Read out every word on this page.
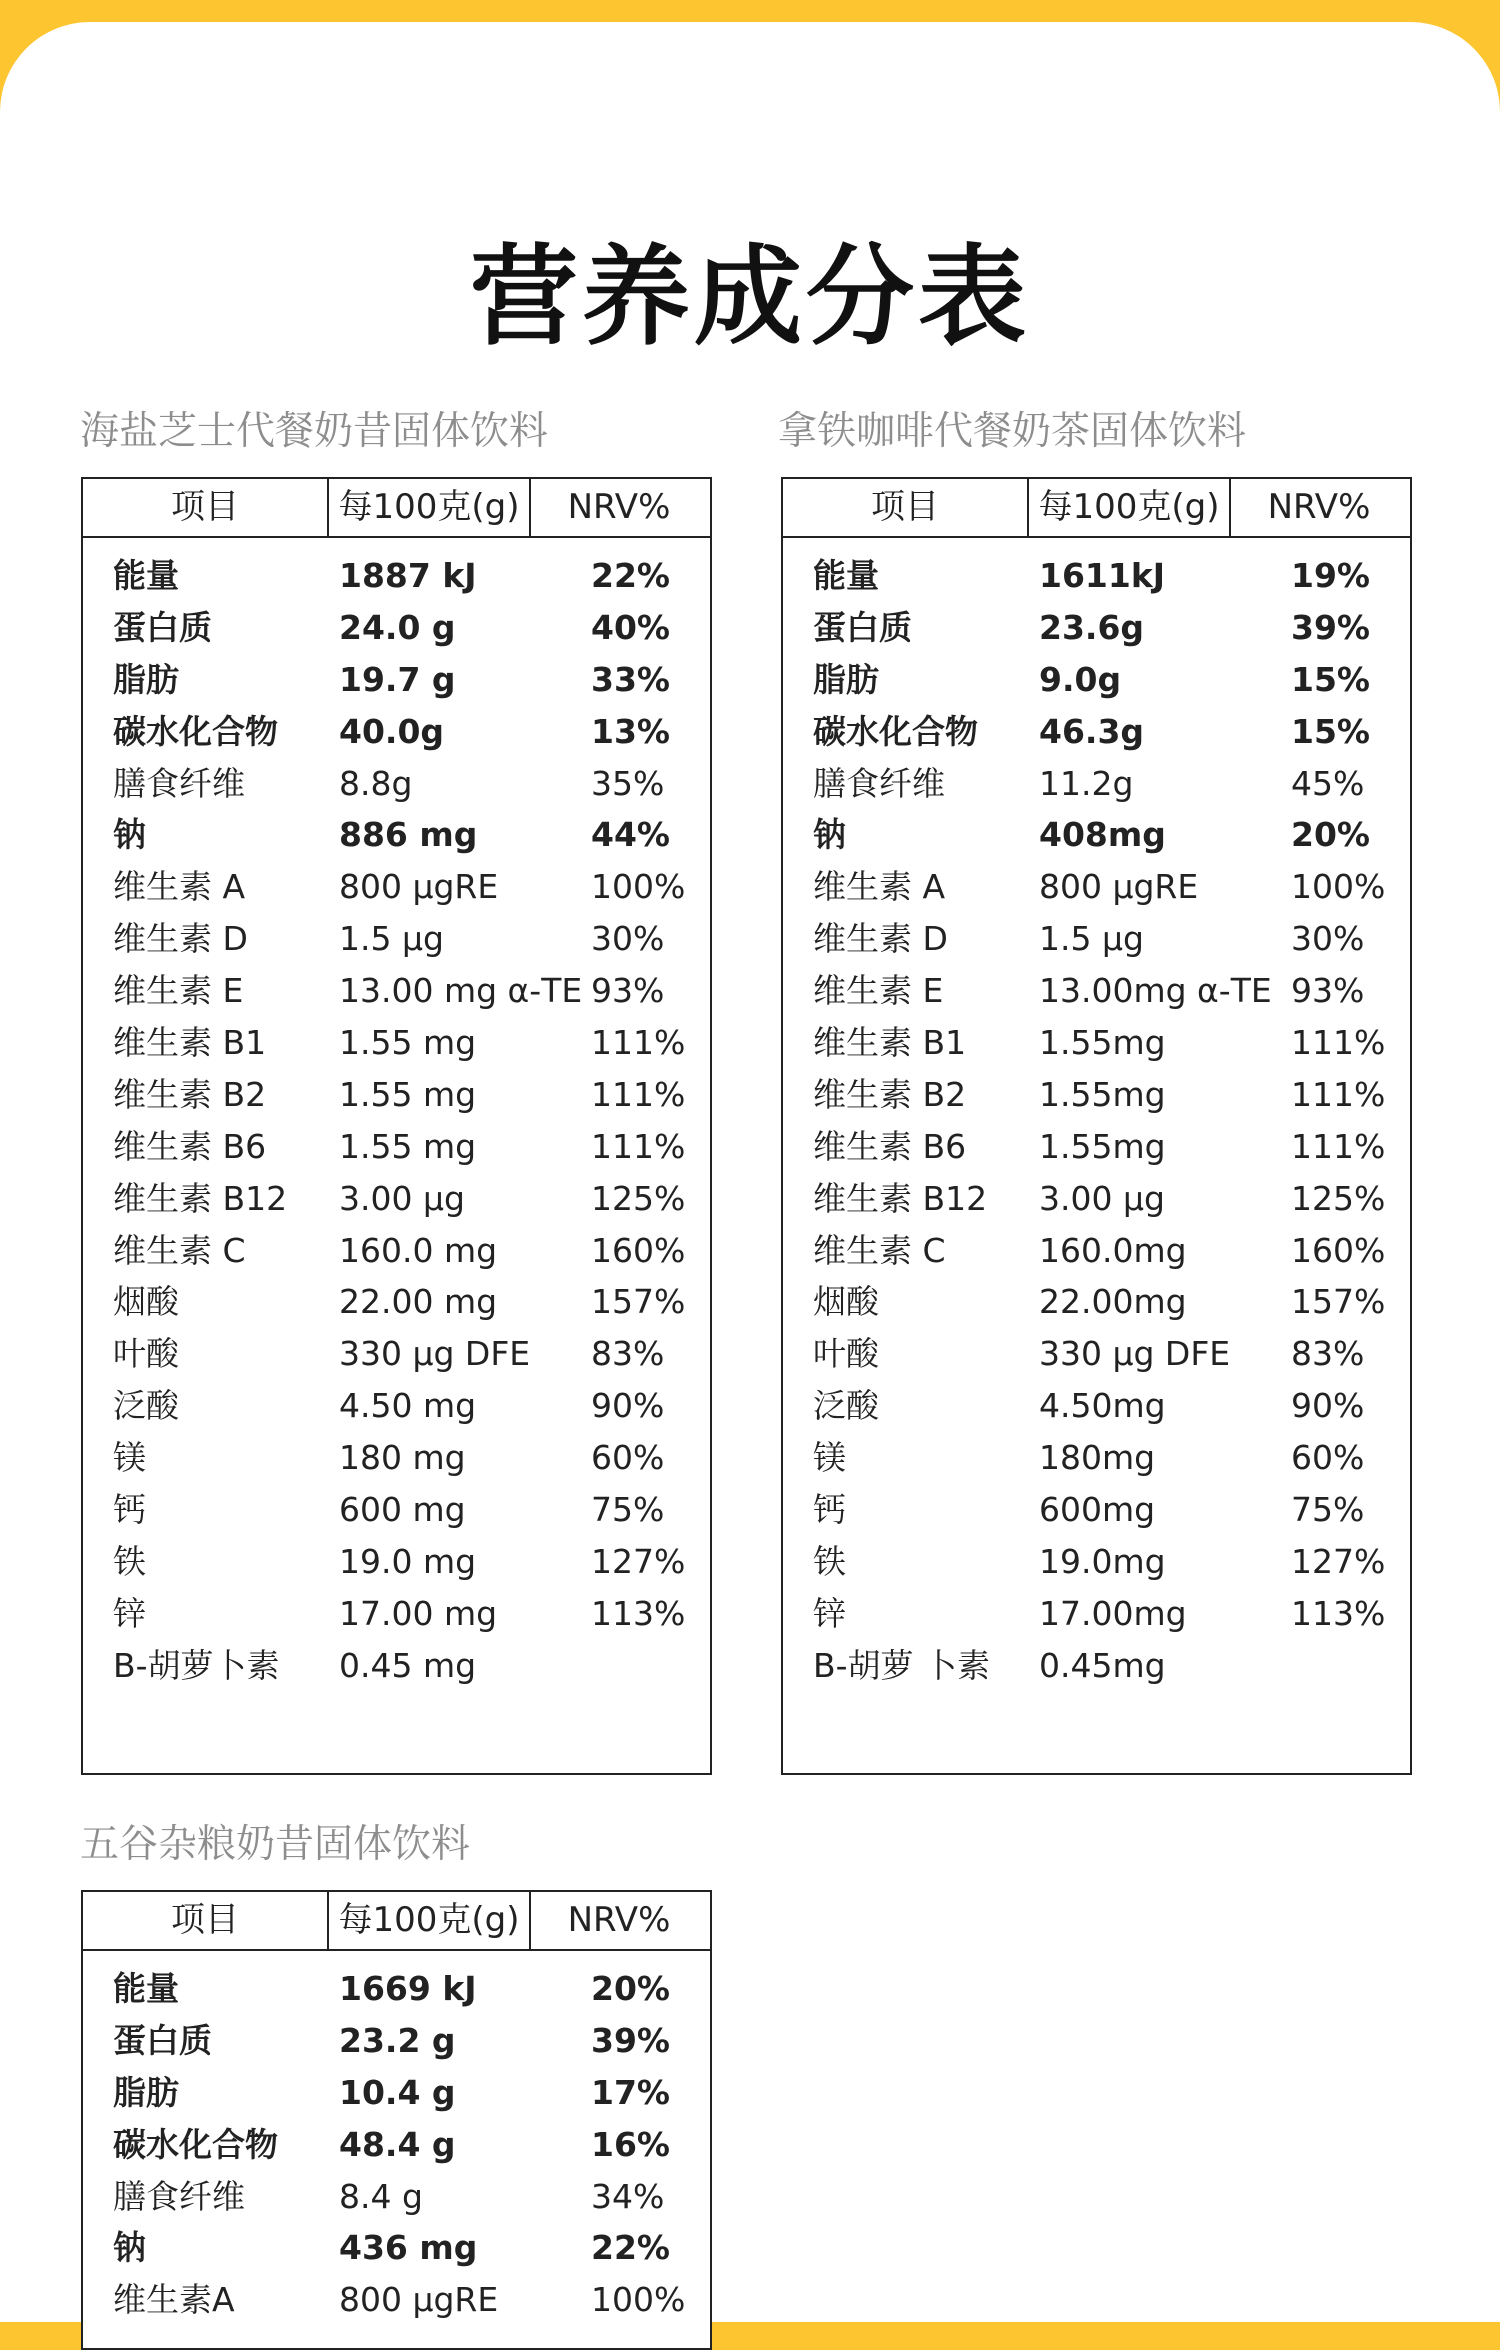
营养成分表
海盐芝士代餐奶昔固体饮料
项目	每100克(g)	NRV%
能量	1887 kJ	22%
蛋白质	24.0 g	40%
脂肪	19.7 g	33%
碳水化合物 40.0g	13%
膳食纤维	8.8g	35%
钠	886 mg	44%
维生素 A	800 μgRE	100%
维生素 D	1.5 μg	30%
维生素 E	13.00 mg α-TE 93%
维生素 B1 1.55 mg	111%
维生素 B2 1.55 mg	111%
维生素 B6 1.55 mg	111%
维生素 B12 3.00 μg	125%
维生素 C	160.0 mg	160%
烟酸	22.00 mg	157%
叶酸	330 μg DFE 83%
泛酸	4.50 mg	90%
镁	180 mg	60%
钙	600 mg	75%
铁	19.0 mg	127%
锌	17.00 mg	113%
B-胡萝卜素 0.45 mg
拿铁咖啡代餐奶茶固体饮料
项目	每100克(g)	NRV%
能量	1611kJ	19%
蛋白质	23.6g	39%
脂肪	9.0g	15%
碳水化合物 46.3g	15%
膳食纤维	11.2g	45%
钠	408mg	20%
维生素 A	800 μgRE	100%
维生素 D	1.5 μg	30%
维生素 E	13.00mg α-TE 93%
维生素 B1 1.55mg	111%
维生素 B2 1.55mg	111%
维生素 B6 1.55mg	111%
维生素 B12 3.00 μg	125%
维生素 C	160.0mg	160%
烟酸	22.00mg	157%
叶酸	330 μg DFE 83%
泛酸	4.50mg	90%
镁	180mg	60%
钙	600mg	75%
铁	19.0mg	127%
锌	17.00mg	113%
B-胡萝 卜素 0.45mg
五谷杂粮奶昔固体饮料
项目	每100克(g)	NRV%
能量	1669 kJ	20%
蛋白质	23.2 g	39%
脂肪	10.4 g	17%
碳水化合物 48.4 g	16%
膳食纤维	8.4 g	34%
钠	436 mg	22%
维生素A	800 μgRE	100%
